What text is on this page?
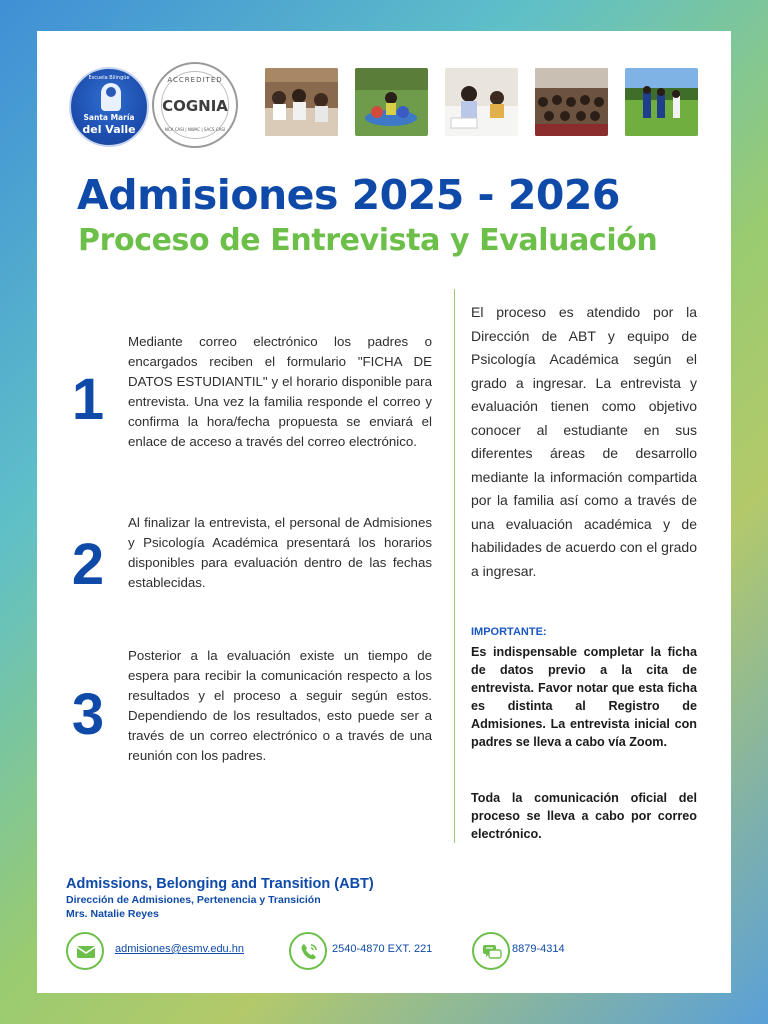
Escuela Bilingüe
Santa María
del Valle
ACCREDITED
COGNIA
NCA CASI | NWAC | SACS CASI
Admisiones 2025 - 2026
Proceso de Entrevista y Evaluación
1

Mediante correo electrónico los padres o encargados reciben el formulario "FICHA DE DATOS ESTUDIANTIL" y el horario disponible para entrevista. Una vez la familia responde el correo y confirma la hora/fecha propuesta se enviará el enlace de acceso a través del correo electrónico.

2

Al finalizar la entrevista, el personal de Admisiones y Psicología Académica presentará los horarios disponibles para evaluación dentro de las fechas establecidas.

3

Posterior a la evaluación existe un tiempo de espera para recibir la comunicación respecto a los resultados y el proceso a seguir según estos. Dependiendo de los resultados, esto puede ser a través de un correo electrónico o a través de una reunión con los padres.

El proceso es atendido por la Dirección de ABT y equipo de Psicología Académica según el grado a ingresar. La entrevista y evaluación tienen como objetivo conocer al estudiante en sus diferentes áreas de desarrollo mediante la información compartida por la familia así como a través de una evaluación académica y de habilidades de acuerdo con el grado a ingresar.

IMPORTANTE:

Es indispensable completar la ficha de datos previo a la cita de entrevista. Favor notar que esta ficha es distinta al Registro de Admisiones. La entrevista inicial con padres se lleva a cabo vía Zoom.

Toda la comunicación oficial del proceso se lleva a cabo por correo electrónico.

Admissions, Belonging and Transition (ABT)
Dirección de Admisiones, Pertenencia y Transición
Mrs. Natalie Reyes
admisiones@esmv.edu.hn	2540-4870 EXT. 221	8879-4314
